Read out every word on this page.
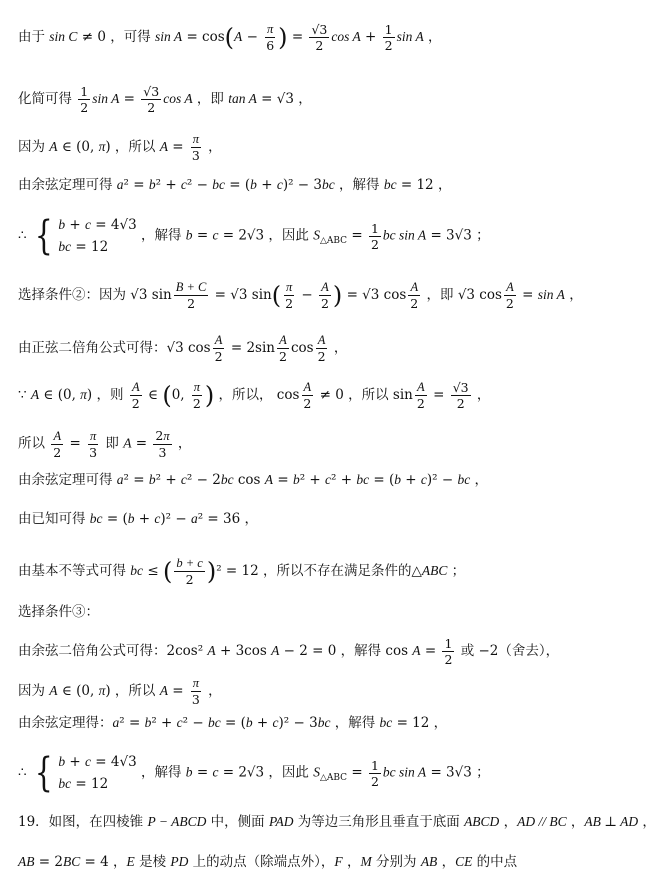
由于 sin C ≠ 0 ，可得 $\sin A = \cos(A - \frac{\pi}{6}$ ) = $\frac{√3}{2}$ $\cos A + \frac{1}{2}$ sin A ，
化简可得 $\frac{1}{2}$ $\sin A = \frac{√3}{2}$ cos A ，即 tan A = √3 ，
因为 A ∈ (0, π) ，所以 $A = \frac{\pi}{3}$ ，
由余弦定理可得 a² = b² + c² − bc = (b + c)² − 3bc ，解得 bc = 12 ，
∴ { b + c = 4√3
bc = 12
，解得 b = c = 2√3 ，因此 $S_{\triangle ABC} = \frac{1}{2}$ bc sin A = 3√3 ；
选择条件②：因为 √3 $\sin \frac{B + C}{2} = √3$ $\sin( \frac{\pi}{2} - \frac{A}{2}$ ) = √3 $\cos \frac{A}{2}$ ，即 √3 $\cos \frac{A}{2} = \sin A$ ，
由正弦二倍角公式可得：√3 $\cos \frac{A}{2} = 2\sin \frac{A}{2}$ $\cos \frac{A}{2}$ ，
∵ A ∈ (0, π) ，则 $\frac{A}{2}$ ∈ (0, $\frac{\pi}{2}$ ) ，所以， $\cos \frac{A}{2} \ne 0$ ，所以 $\sin \frac{A}{2} = \frac{√3}{2}$ ，
所以 $\frac{A}{2} = \frac{\pi}{3}$ 即 $A = \frac{2\pi}{3}$ ，
由余弦定理可得 a² = b² + c² − 2bc cos A = b² + c² + bc = (b + c)² − bc ，
由已知可得 bc = (b + c)² − a² = 36 ，
由基本不等式可得 bc ≤ ( $\frac{b + c}{2} )^2 = 12$ ，所以不存在满足条件的△ABC ；
选择条件③：
由余弦二倍角公式可得：2cos² A + 3cos A − 2 = 0 ，解得 $\cos A = \frac{1}{2}$ 或 −2（舍去），
因为 A ∈ (0, π) ，所以 $A = \frac{\pi}{3}$ ，
由余弦定理得：a² = b² + c² − bc = (b + c)² − 3bc ，解得 bc = 12 ，
∴ { b + c = 4√3
bc = 12
，解得 b = c = 2√3 ，因此 $S_{\triangle ABC} = \frac{1}{2}$ bc sin A = 3√3 ；
19．如图，在四棱锥 P − ABCD 中，侧面 PAD 为等边三角形且垂直于底面 ABCD ，AD // BC ，AB ⊥ AD ，
AB = 2BC = 4 ，E 是棱 PD 上的动点（除端点外），F ，M 分别为 AB ，CE 的中点
